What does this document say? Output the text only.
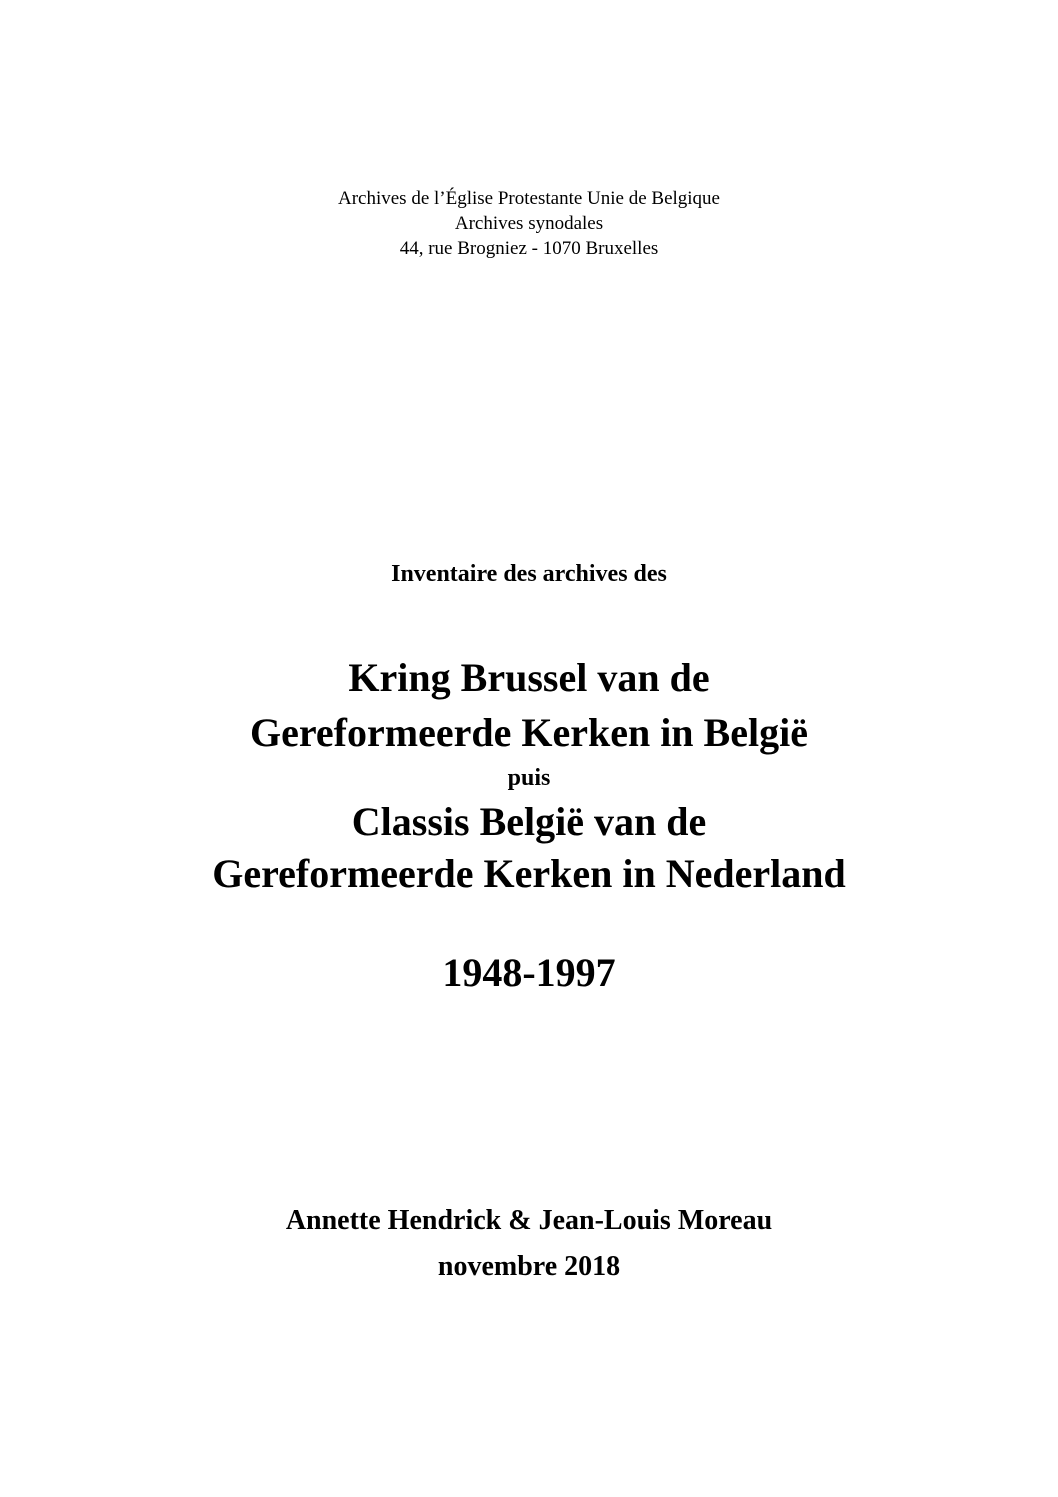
Archives de l’Église Protestante Unie de Belgique
Archives synodales
44, rue Brogniez - 1070 Bruxelles
Inventaire des archives des
Kring Brussel van de
Gereformeerde Kerken in België
puis
Classis België van de
Gereformeerde Kerken in Nederland
1948-1997
Annette Hendrick & Jean-Louis Moreau
novembre 2018
